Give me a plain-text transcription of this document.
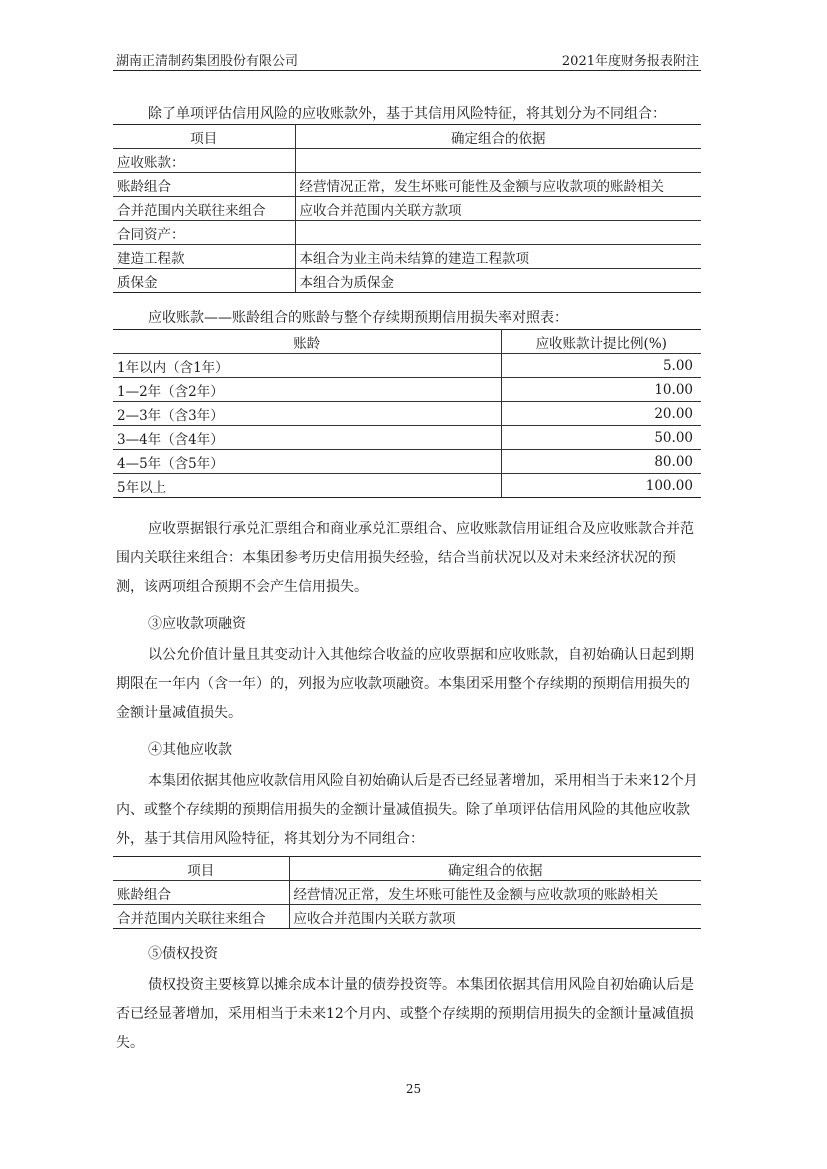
湖南正清制药集团股份有限公司	2021年度财务报表附注
除了单项评估信用风险的应收账款外，基于其信用风险特征，将其划分为不同组合：
项目	确定组合的依据
应收账款：	
账龄组合	经营情况正常，发生坏账可能性及金额与应收款项的账龄相关
合并范围内关联往来组合	应收合并范围内关联方款项
合同资产：	
建造工程款	本组合为业主尚未结算的建造工程款项
质保金	本组合为质保金
应收账款——账龄组合的账龄与整个存续期预期信用损失率对照表：
账龄	应收账款计提比例(%)
1年以内（含1年）	5.00
1—2年（含2年）	10.00
2—3年（含3年）	20.00
3—4年（含4年）	50.00
4—5年（含5年）	80.00
5年以上	100.00
应收票据银行承兑汇票组合和商业承兑汇票组合、应收账款信用证组合及应收账款合并范围内关联往来组合：本集团参考历史信用损失经验，结合当前状况以及对未来经济状况的预测，该两项组合预期不会产生信用损失。
③应收款项融资
以公允价值计量且其变动计入其他综合收益的应收票据和应收账款，自初始确认日起到期期限在一年内（含一年）的，列报为应收款项融资。本集团采用整个存续期的预期信用损失的金额计量减值损失。
④其他应收款
本集团依据其他应收款信用风险自初始确认后是否已经显著增加，采用相当于未来12个月内、或整个存续期的预期信用损失的金额计量减值损失。除了单项评估信用风险的其他应收款外，基于其信用风险特征，将其划分为不同组合：
项目	确定组合的依据
账龄组合	经营情况正常，发生坏账可能性及金额与应收款项的账龄相关
合并范围内关联往来组合	应收合并范围内关联方款项
⑤债权投资
债权投资主要核算以摊余成本计量的债券投资等。本集团依据其信用风险自初始确认后是否已经显著增加，采用相当于未来12个月内、或整个存续期的预期信用损失的金额计量减值损失。
25
